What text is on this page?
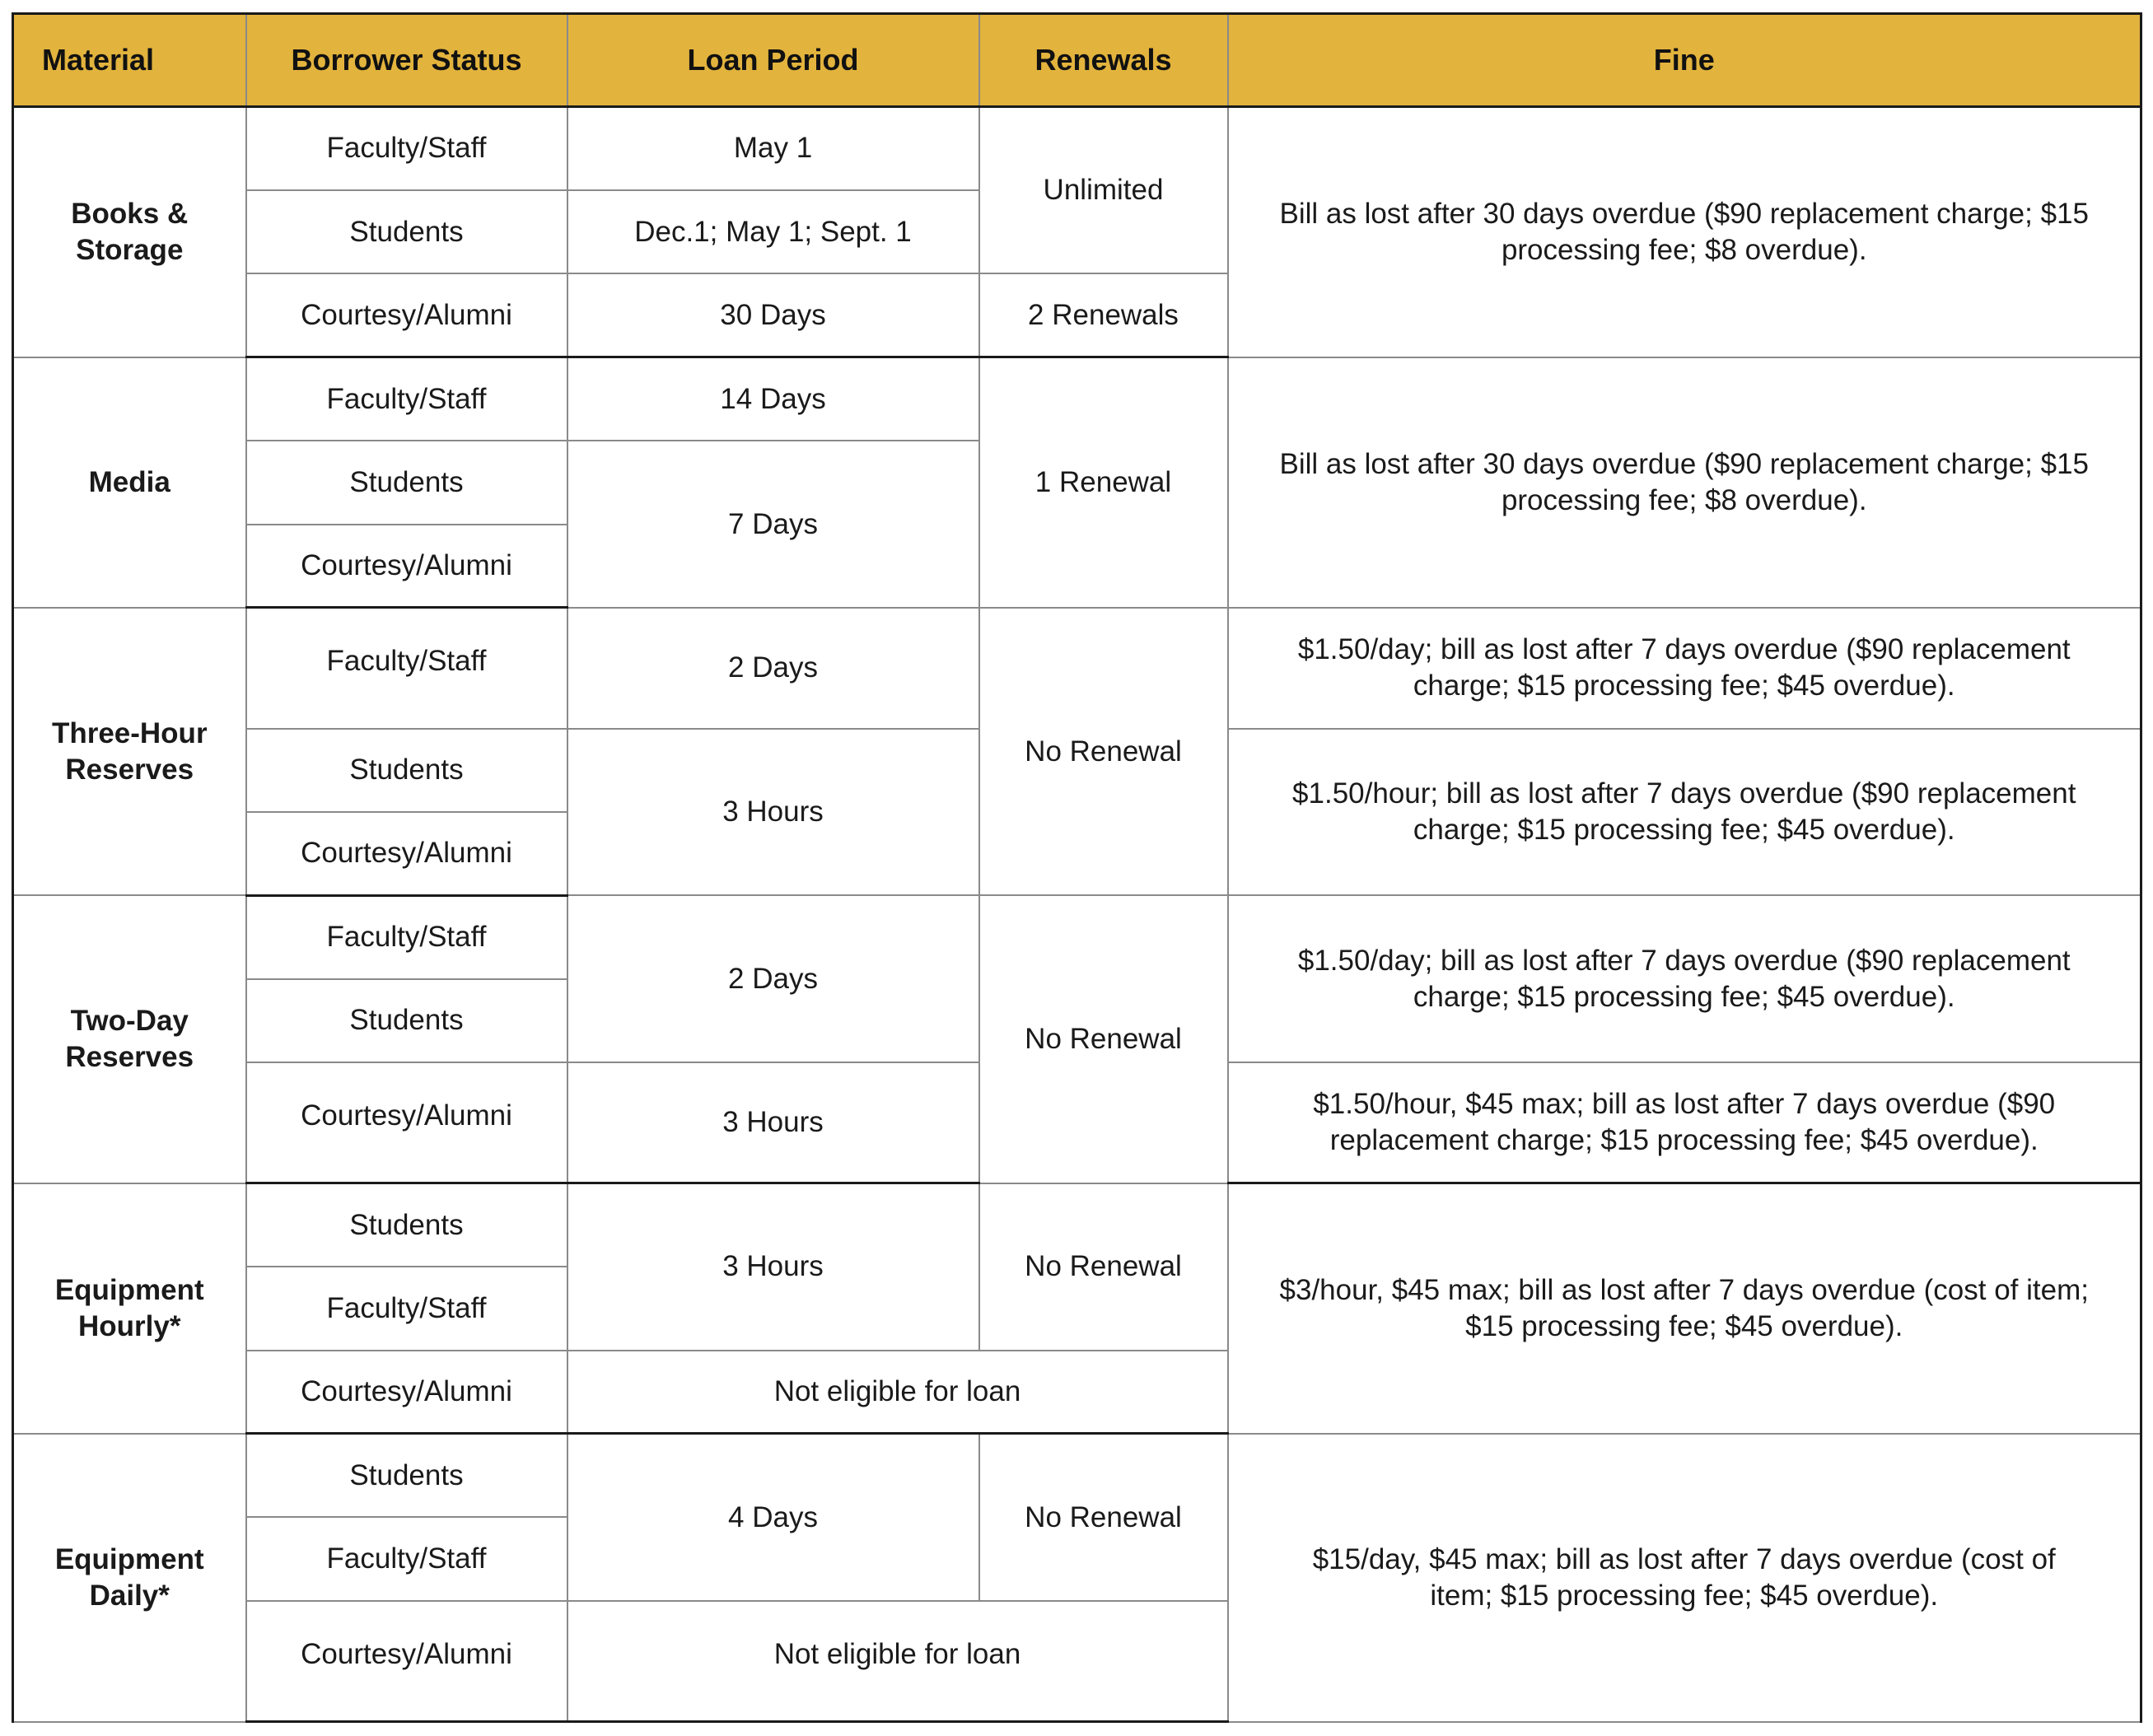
Material	Borrower Status	Loan Period	Renewals	Fine
Books & Storage	Faculty/Staff	May 1	Unlimited	Bill as lost after 30 days overdue ($90 replacement charge; $15 processing fee; $8 overdue).
	Students	Dec.1; May 1; Sept. 1		
	Courtesy/Alumni	30 Days	2 Renewals	
Media	Faculty/Staff	14 Days	1 Renewal	Bill as lost after 30 days overdue ($90 replacement charge; $15 processing fee; $8 overdue).
	Students	7 Days		
	Courtesy/Alumni			
Three-Hour Reserves	Faculty/Staff	2 Days	No Renewal	$1.50/day; bill as lost after 7 days overdue ($90 replacement charge; $15 processing fee; $45 overdue).
	Students	3 Hours		$1.50/hour; bill as lost after 7 days overdue ($90 replacement charge; $15 processing fee; $45 overdue).
	Courtesy/Alumni			
Two-Day Reserves	Faculty/Staff	2 Days	No Renewal	$1.50/day; bill as lost after 7 days overdue ($90 replacement charge; $15 processing fee; $45 overdue).
	Students			
	Courtesy/Alumni	3 Hours		$1.50/hour, $45 max; bill as lost after 7 days overdue ($90 replacement charge; $15 processing fee; $45 overdue).
Equipment Hourly*	Students	3 Hours	No Renewal	$3/hour, $45 max; bill as lost after 7 days overdue (cost of item; $15 processing fee; $45 overdue).
	Faculty/Staff			
	Courtesy/Alumni	Not eligible for loan		
Equipment Daily*	Students	4 Days	No Renewal	$15/day, $45 max; bill as lost after 7 days overdue (cost of item; $15 processing fee; $45 overdue).
	Faculty/Staff			
	Courtesy/Alumni	Not eligible for loan		
